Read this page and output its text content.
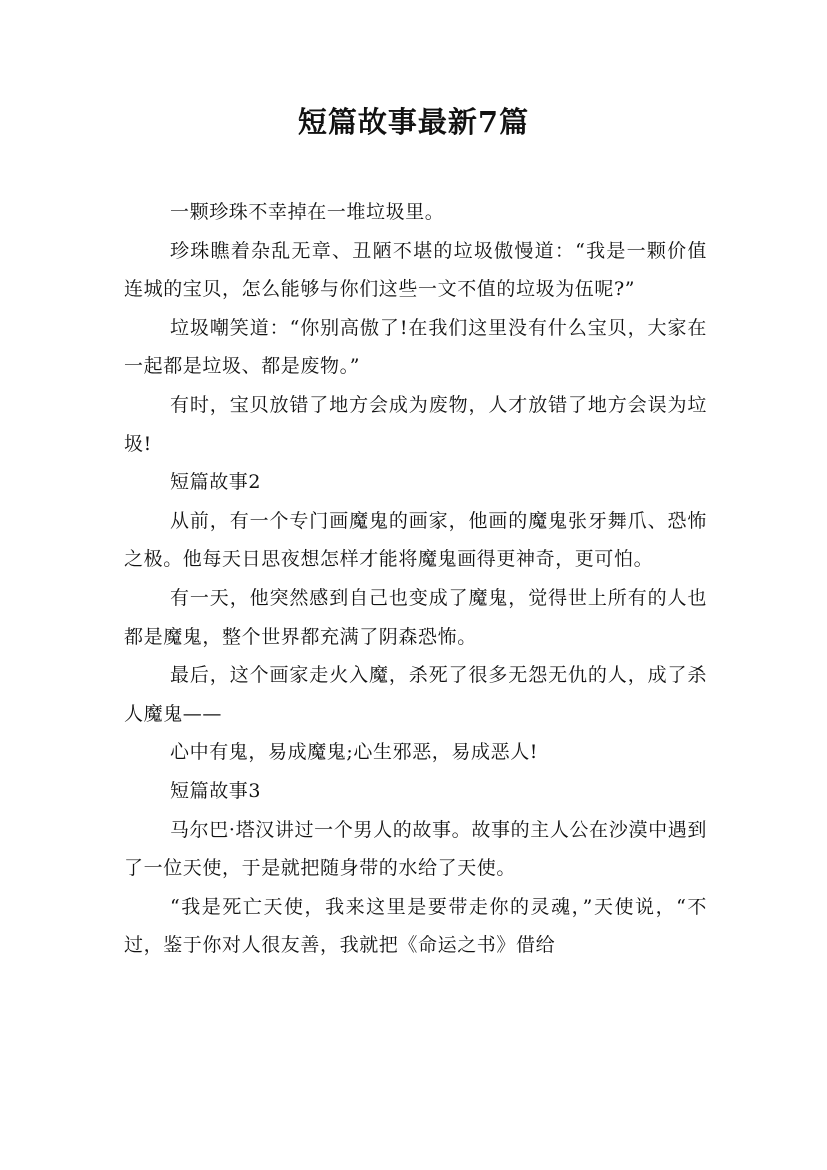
短篇故事最新7篇

一颗珍珠不幸掉在一堆垃圾里。

珍珠瞧着杂乱无章、丑陋不堪的垃圾傲慢道：“我是一颗价值连城的宝贝，怎么能够与你们这些一文不值的垃圾为伍呢?”

垃圾嘲笑道：“你别高傲了!在我们这里没有什么宝贝，大家在一起都是垃圾、都是废物。”

有时，宝贝放错了地方会成为废物，人才放错了地方会误为垃圾!

短篇故事2

从前，有一个专门画魔鬼的画家，他画的魔鬼张牙舞爪、恐怖之极。他每天日思夜想怎样才能将魔鬼画得更神奇，更可怕。

有一天，他突然感到自己也变成了魔鬼，觉得世上所有的人也都是魔鬼，整个世界都充满了阴森恐怖。

最后，这个画家走火入魔，杀死了很多无怨无仇的人，成了杀人魔鬼——

心中有鬼，易成魔鬼;心生邪恶，易成恶人!

短篇故事3

马尔巴·塔汉讲过一个男人的故事。故事的主人公在沙漠中遇到了一位天使，于是就把随身带的水给了天使。

“我是死亡天使，我来这里是要带走你的灵魂，”天使说，“不过，鉴于你对人很友善，我就把《命运之书》借给
